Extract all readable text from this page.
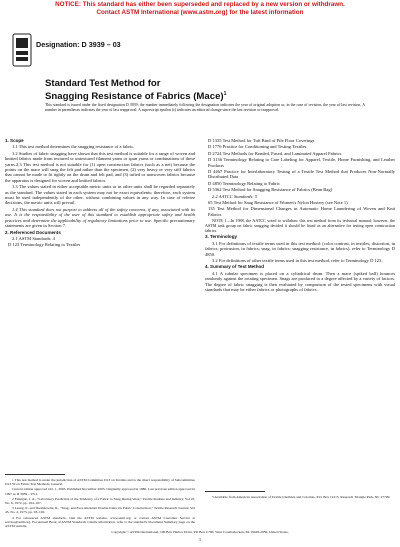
NOTICE: This standard has either been superseded and replaced by a new version or withdrawn.
Contact ASTM International (www.astm.org) for the latest information
Designation: D 3939 – 03
Standard Test Method for
Snagging Resistance of Fabrics (Mace)$^1$
This standard is issued under the fixed designation D 3939; the number immediately following the designation indicates the year of original adoption or, in the case of revision, the year of last revision. A number in parentheses indicates the year of last reapproval. A superscript epsilon (ε) indicates an editorial change since the last revision or reapproval.

1. Scope

1.1 This test method determines the snagging resistance of a fabric.

1.2 Studies of fabric snagging have shown that this test method is suitable for a range of woven and knitted fabrics made from textured or untextured filament yarns or spun yarns or combinations of these yarns.2,3 This test method is not suitable for (1) open construction fabrics (such as a net) because the points on the mace will snag the felt pad rather than the specimen, (2) very heavy or very stiff fabrics that cannot be made to fit tightly on the drum and felt pad, and (3) tufted or nonwoven fabrics because the apparatus is designed for woven and knitted fabrics.

1.3 The values stated in either acceptable metric units or in other units shall be regarded separately as the standard. The values stated in each system may not be exact equivalents; therefore, each system must be used independently of the other, without combining values in any way. In case of referee decisions, the metric units will prevail.

1.4 This standard does not purport to address all of the safety concerns, if any, associated with its use. It is the responsibility of the user of this standard to establish appropriate safety and health practices and determine the applicability of regulatory limitations prior to use. Specific precautionary statements are given in Section 7.

2. Referenced Documents

2.1 ASTM Standards: 4

D 123 Terminology Relating to Textiles

1 This test method is under the jurisdiction of ASTM Committee D13 on Textiles and is the direct responsibility of Subcommittee D13.59 on Fabric Test Methods, General.

Current edition approved Oct. 1, 2003. Published November 2003. Originally approved in 1980. Last previous edition approved in 1997 as D 3939 – 97ε1.

2 Finnigan, J. A., "Laboratory Prediction of the Tendency of a Fabric to Snag During Wear," Textile Institute and Industry, Vol 10, No. 6, 1972, pp. 164–167.

3 Leung, P., and Sheshkowitz, R., "Snag- and Face-Resistant Double Knits via Fabric Construction," Textile Research Journal, Vol 45, No. 2, 1975, pp. 93–102.

4 For referenced ASTM standards, visit the ASTM website, www.astm.org, or contact ASTM Customer Service at service@astm.org. For Annual Book of ASTM Standards volume information, refer to the standard's Document Summary page on the ASTM website.

D 1335 Test Method for Tuft Bind of Pile Floor Coverings

D 1776 Practice for Conditioning and Testing Textiles

D 2724 Test Methods for Bonded, Fused, and Laminated Apparel Fabrics

D 3136 Terminology Relating to Care Labeling for Apparel, Textile, Home Furnishing, and Leather Products

D 4467 Practice for Interlaboratory Testing of a Textile Test Method that Produces Non-Normally Distributed Data

D 4850 Terminology Relating to Fabric

D 5362 Test Method for Snagging Resistance of Fabrics (Bean Bag)

2.2 AATCC Standards: 5

65 Test Method for Snag Resistance of Women's Nylon Hosiery (see Note 1)

135 Test Method for Dimensional Changes in Automatic Home Laundering of Woven and Knit Fabrics

NOTE 1—In 1988, the AATCC voted to withdraw this test method from its technical manual; however, the ASTM task group on fabric snagging decided it should be listed as an alternative for testing open construction fabrics.

3. Terminology

3.1 For definitions of textile terms used in this test method: (color contrast, in textiles; distortion, in fabrics; protrusion, in fabrics; snag, in fabrics; snagging resistance, in fabrics), refer to Terminology D 4850.

3.2 For definitions of other textile terms used in this test method, refer to Terminology D 123.

4. Summary of Test Method

4.1 A tubular specimen is placed on a cylindrical drum. Then a mace (spiked ball) bounces randomly against the rotating specimen. Snags are produced to a degree affected by a variety of factors. The degree of fabric snagging is then evaluated by comparison of the tested specimens with visual standards that may be either fabrics or photographs of fabrics.

5 Available from American Association of Textile Chemists and Colorists, P.O. Box 12215, Research Triangle Park, NC 27709.

Copyright © ASTM International, 100 Barr Harbor Drive, PO Box C700, West Conshohocken, PA 19428-2959, United States.
1
